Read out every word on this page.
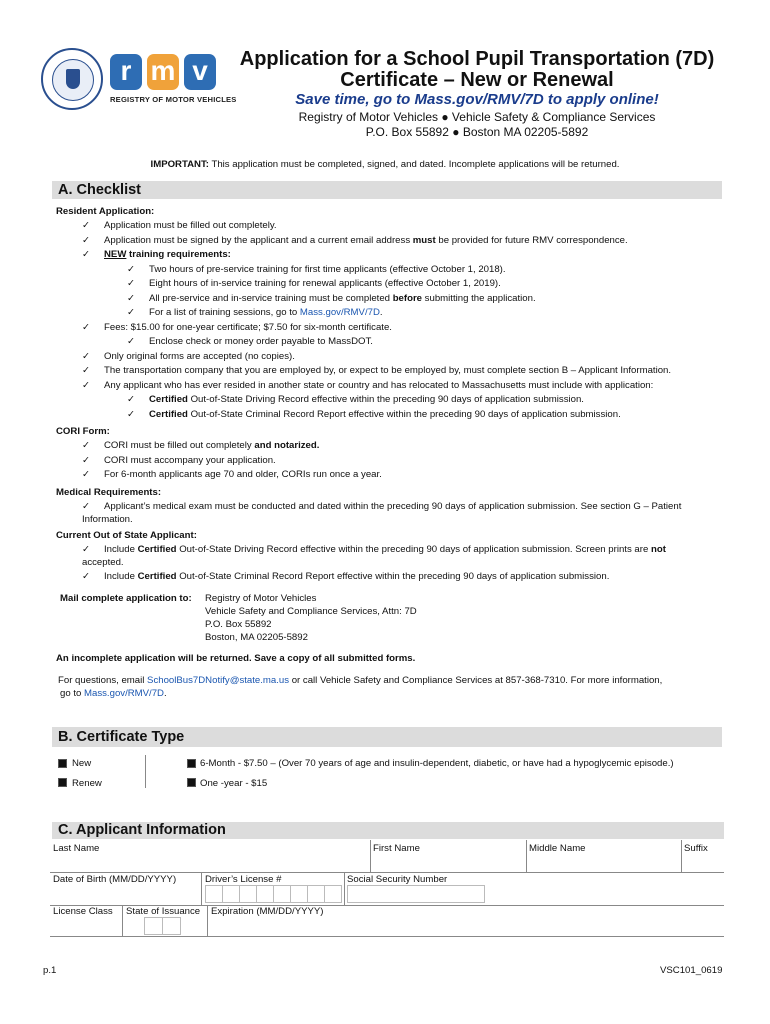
r m v
REGISTRY OF MOTOR VEHICLES
Application for a School Pupil Transportation (7D)
Certificate – New or Renewal
Save time, go to Mass.gov/RMV/7D to apply online!
Registry of Motor Vehicles ● Vehicle Safety & Compliance Services
P.O. Box 55892 ● Boston MA 02205-5892
IMPORTANT: This application must be completed, signed, and dated. Incomplete applications will be returned.
A. Checklist
Resident Application:
✓ Application must be filled out completely.
✓ Application must be signed by the applicant and a current email address must be provided for future RMV correspondence.
✓ NEW training requirements:
✓ Two hours of pre-service training for first time applicants (effective October 1, 2018).
✓ Eight hours of in-service training for renewal applicants (effective October 1, 2019).
✓ All pre-service and in-service training must be completed before submitting the application.
✓ For a list of training sessions, go to Mass.gov/RMV/7D.
✓ Fees: $15.00 for one-year certificate; $7.50 for six-month certificate.
✓ Enclose check or money order payable to MassDOT.
✓ Only original forms are accepted (no copies).
✓ The transportation company that you are employed by, or expect to be employed by, must complete section B – Applicant Information.
✓ Any applicant who has ever resided in another state or country and has relocated to Massachusetts must include with application:
✓ Certified Out-of-State Driving Record effective within the preceding 90 days of application submission.
✓ Certified Out-of-State Criminal Record Report effective within the preceding 90 days of application submission.
CORI Form:
✓ CORI must be filled out completely and notarized.
✓ CORI must accompany your application.
✓ For 6-month applicants age 70 and older, CORIs run once a year.
Medical Requirements:
✓ Applicant’s medical exam must be conducted and dated within the preceding 90 days of application submission. See section G – Patient
Information.
Current Out of State Applicant:
✓ Include Certified Out-of-State Driving Record effective within the preceding 90 days of application submission. Screen prints are not
accepted.
✓ Include Certified Out-of-State Criminal Record Report effective within the preceding 90 days of application submission.
Mail complete application to: Registry of Motor Vehicles
Vehicle Safety and Compliance Services, Attn: 7D
P.O. Box 55892
Boston, MA 02205-5892
An incomplete application will be returned. Save a copy of all submitted forms.
For questions, email SchoolBus7DNotify@state.ma.us or call Vehicle Safety and Compliance Services at 857-368-7310. For more information,
go to Mass.gov/RMV/7D.
B. Certificate Type
New
Renew
6-Month - $7.50 – (Over 70 years of age and insulin-dependent, diabetic, or have had a hypoglycemic episode.)
One -year - $15
C. Applicant Information
Last Name	First Name	Middle Name	Suffix
Date of Birth (MM/DD/YYYY)	Driver’s License #	Social Security Number
License Class State of Issuance Expiration (MM/DD/YYYY)
p.1	VSC101_0619
